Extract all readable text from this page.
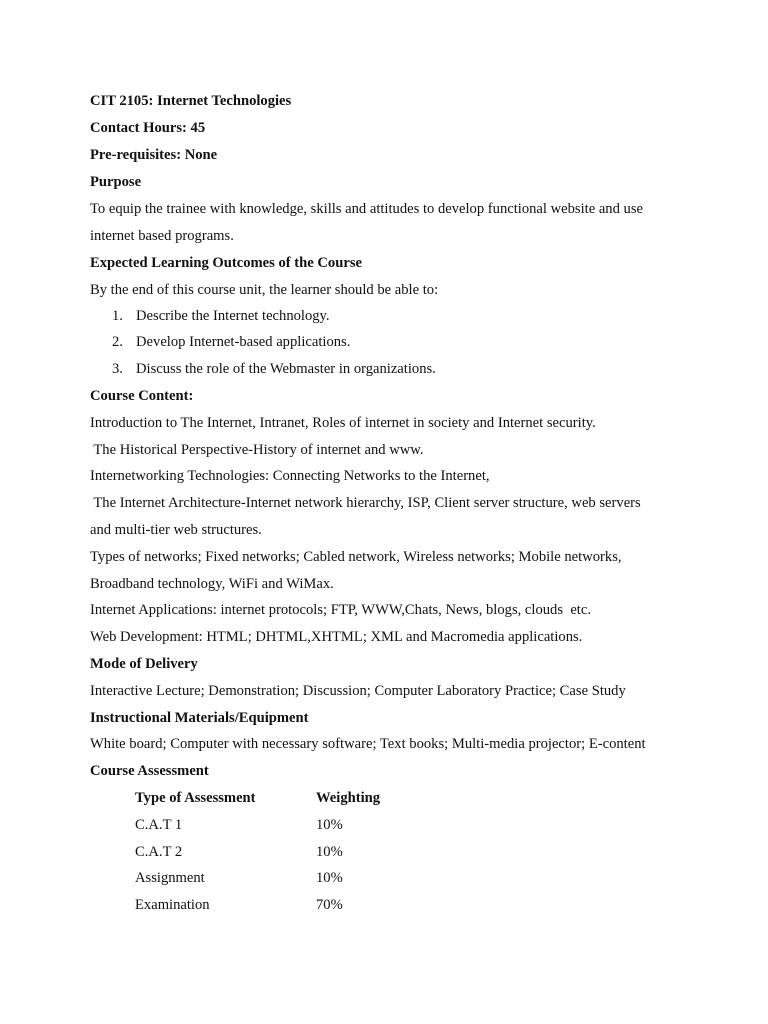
CIT 2105: Internet Technologies
Contact Hours: 45
Pre-requisites: None
Purpose
To equip the trainee with knowledge, skills and attitudes to develop functional website and use
internet based programs.
Expected Learning Outcomes of the Course
By the end of this course unit, the learner should be able to:
1. Describe the Internet technology.
2. Develop Internet-based applications.
3. Discuss the role of the Webmaster in organizations.
Course Content:
Introduction to The Internet, Intranet, Roles of internet in society and Internet security.
The Historical Perspective-History of internet and www.
Internetworking Technologies: Connecting Networks to the Internet,
The Internet Architecture-Internet network hierarchy, ISP, Client server structure, web servers
and multi-tier web structures.
Types of networks; Fixed networks; Cabled network, Wireless networks; Mobile networks,
Broadband technology, WiFi and WiMax.
Internet Applications: internet protocols; FTP, WWW,Chats, News, blogs, clouds  etc.
Web Development: HTML; DHTML,XHTML; XML and Macromedia applications.
Mode of Delivery
Interactive Lecture; Demonstration; Discussion; Computer Laboratory Practice; Case Study
Instructional Materials/Equipment
White board; Computer with necessary software; Text books; Multi-media projector; E-content
Course Assessment
Type of Assessment	Weighting
C.A.T 1	10%
C.A.T 2	10%
Assignment	10%
Examination	70%
